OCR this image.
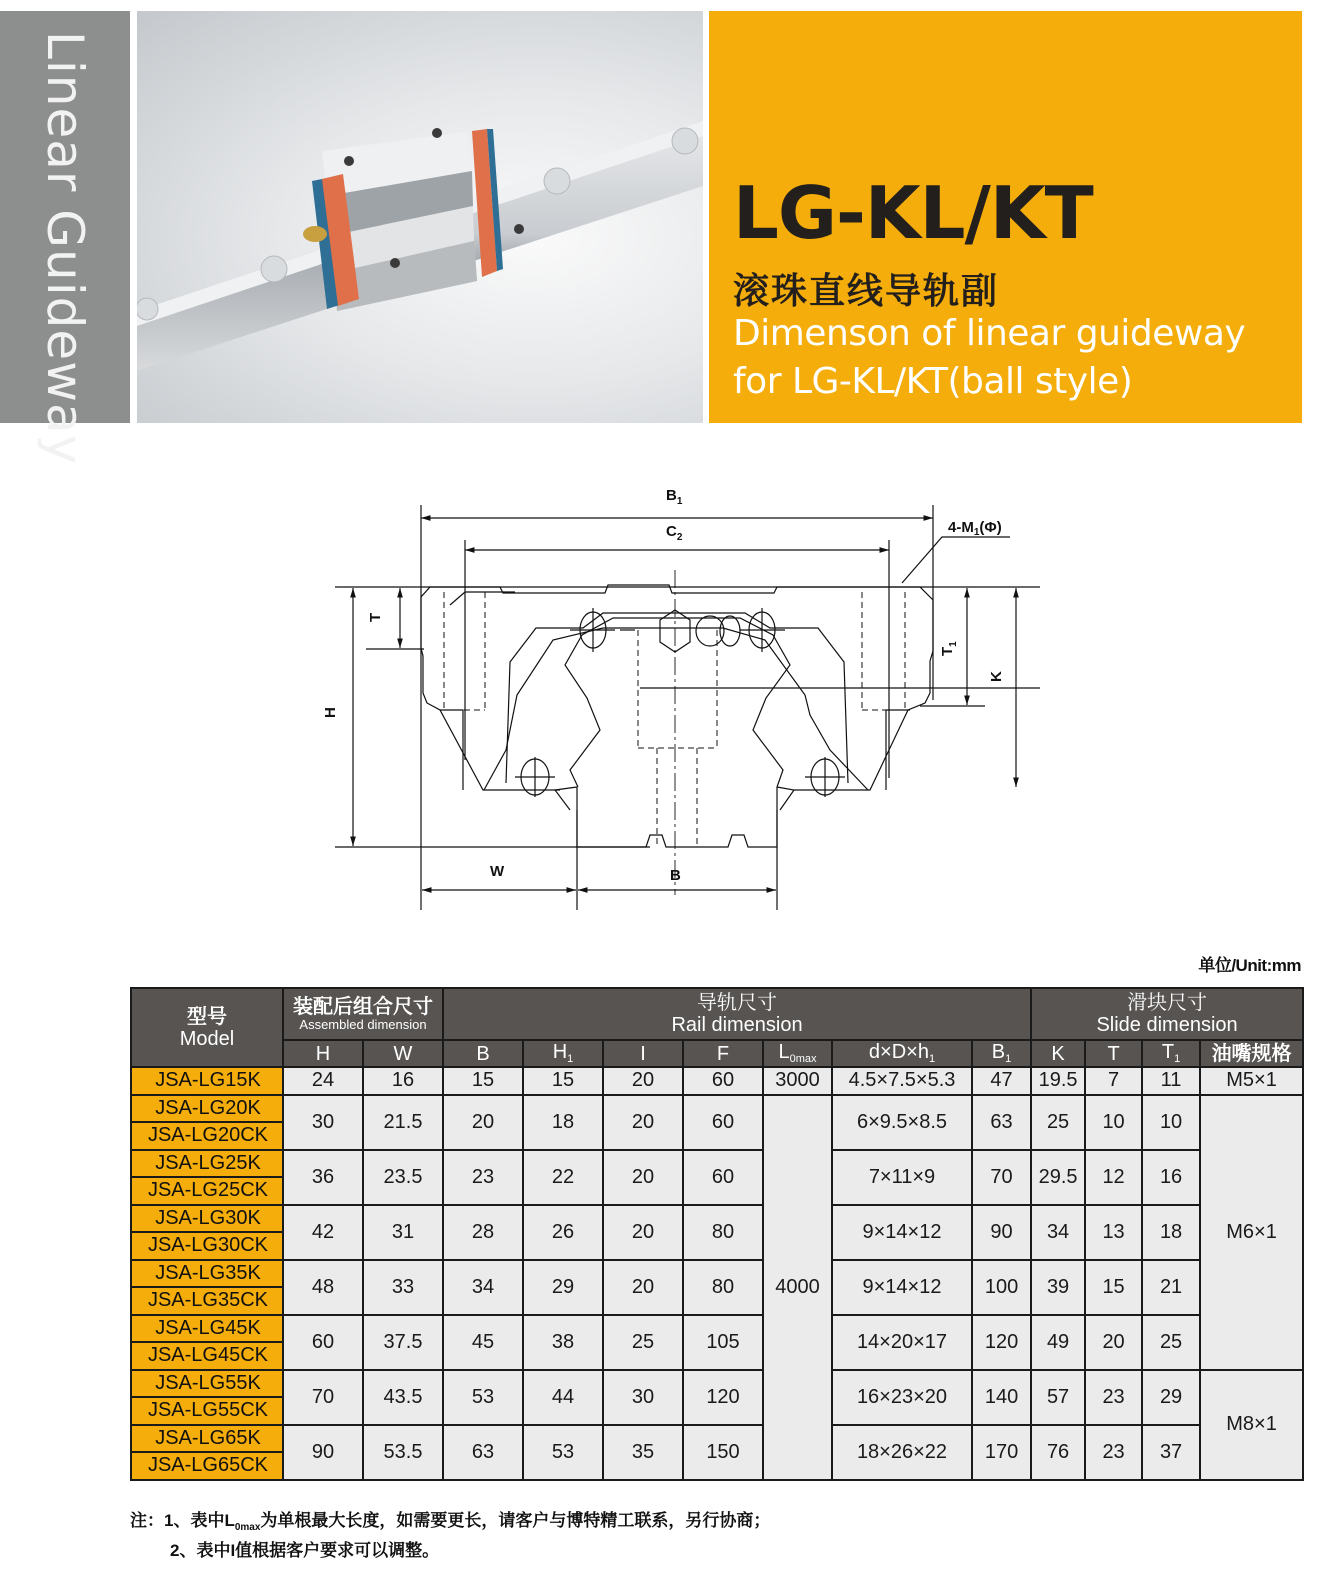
Linear Guideway	LG-KL/KT
滚珠直线导轨副
Dimenson of linear guideway
for LG-KL/KT(ball style)
$B_1$
$C_2$
$4-M_1(\Phi)$
W	B
H
T
$T_1$
K
单位/Unit:mm
型号
Model	装配后组合尺寸
Assembled dimension		导轨尺寸
Rail dimension							滑块尺寸
Slide dimension			

	H	W	B	$H_1$	I	F	$L_{0max}$	$d\times D\times h_1$	$B_1$	K	T	$T_1$	油嘴规格
JSA-LG15K	24	16	15	15	20	60	3000	4.5×7.5×5.3	47	19.5	7	11	M5×1
JSA-LG20K	30	21.5	20	18	20	60	4000	6×9.5×8.5	63	25	10	10	M6×1
JSA-LG20CK													
JSA-LG25K	36	23.5	23	22	20	60		7×11×9	70	29.5	12	16	
JSA-LG25CK													
JSA-LG30K	42	31	28	26	20	80		9×14×12	90	34	13	18	
JSA-LG30CK													
JSA-LG35K	48	33	34	29	20	80		9×14×12	100	39	15	21	
JSA-LG35CK													
JSA-LG45K	60	37.5	45	38	25	105		14×20×17	120	49	20	25	
JSA-LG45CK													
JSA-LG55K	70	43.5	53	44	30	120		16×23×20	140	57	23	29	M8×1
JSA-LG55CK													
JSA-LG65K	90	53.5	63	53	35	150		18×26×22	170	76	23	37	
JSA-LG65CK													
注：1、表中$L_{0max}$为单根最大长度，如需要更长，请客户与博特精工联系，另行协商；
2、表中I值根据客户要求可以调整。
